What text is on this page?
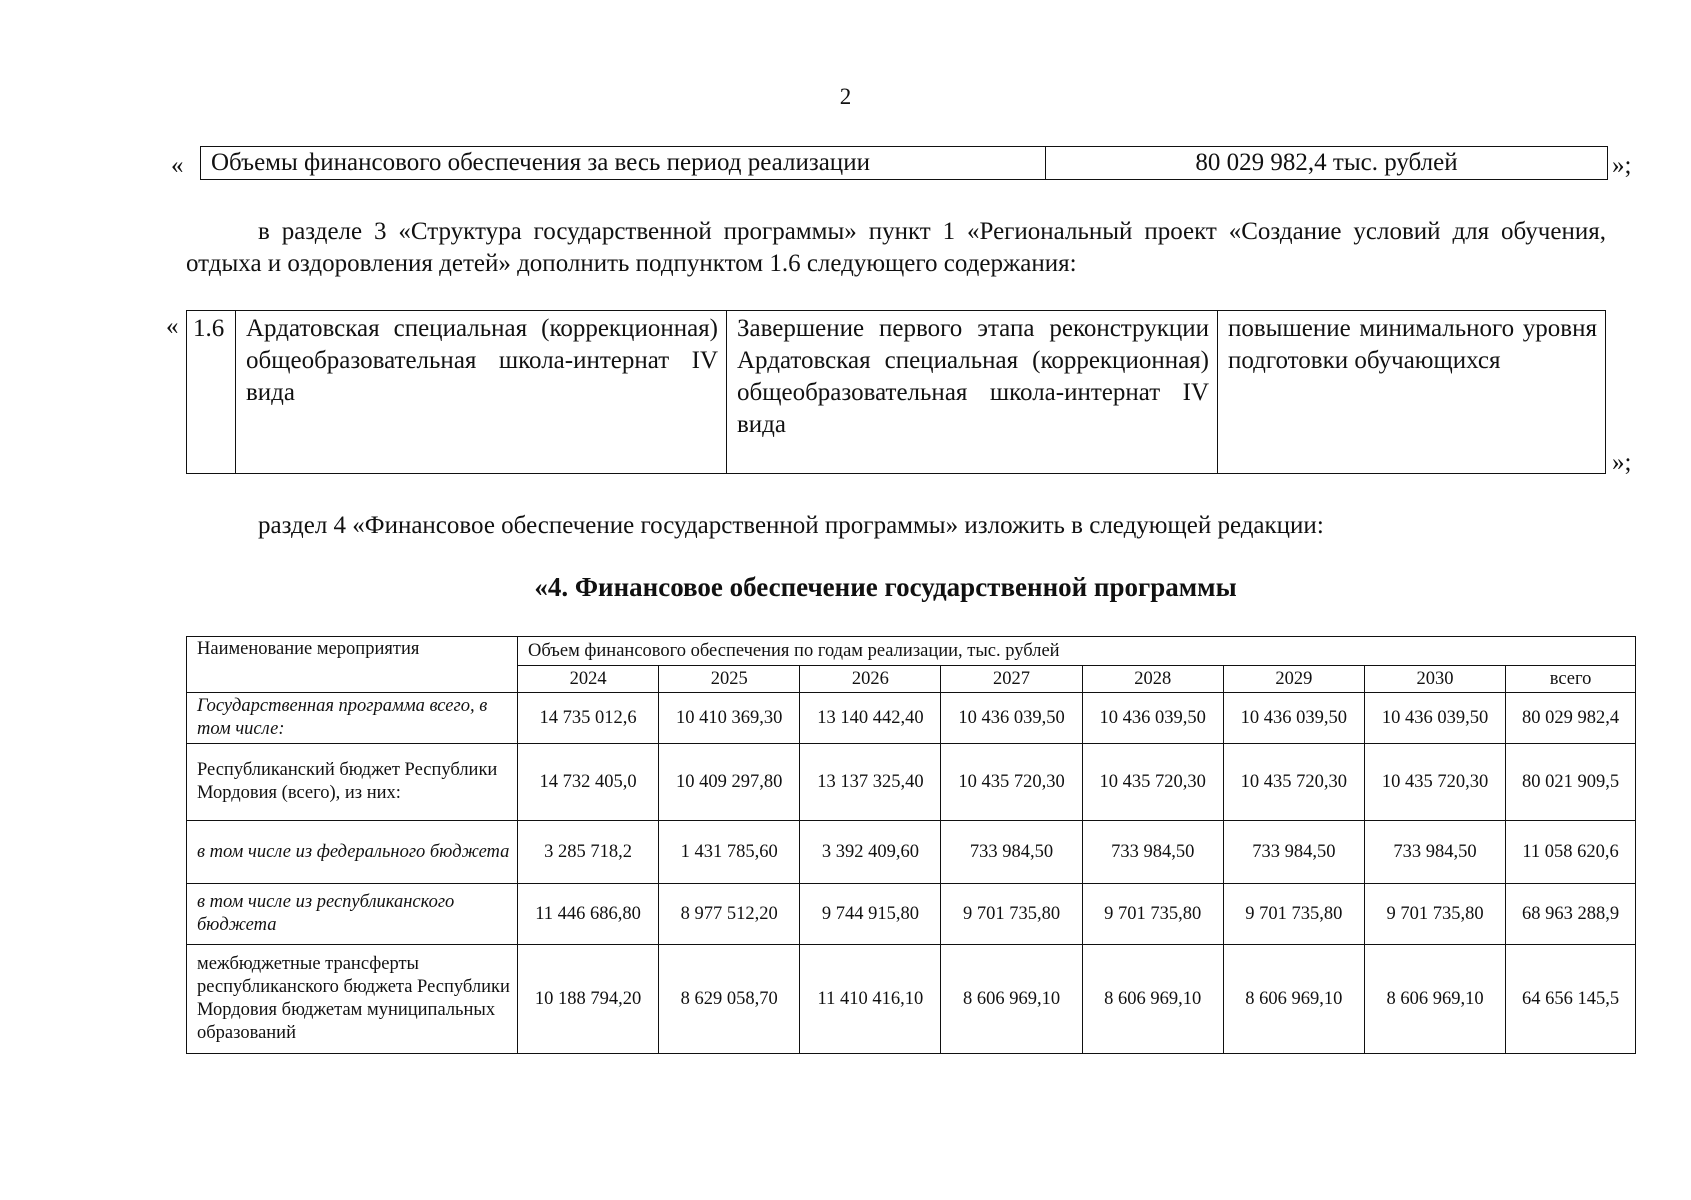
2
« Объемы финансового обеспечения за весь период реализации	80 029 982,4 тыс. рублей	»;
в разделе 3 «Структура государственной программы» пункт 1 «Региональный проект «Создание условий для обучения, отдыха и оздоровления детей» дополнить подпунктом 1.6 следующего содержания:
« 1.6	Ардатовская специальная (коррекционная) общеобразовательная школа-интернат IV вида	Завершение первого этапа реконструкции Ардатовская специальная (коррекционная) общеобразовательная школа-интернат IV вида	повышение минимального уровня подготовки обучающихся
»;
раздел 4 «Финансовое обеспечение государственной программы» изложить в следующей редакции:
«4. Финансовое обеспечение государственной программы
Наименование мероприятия	Объем финансового обеспечения по годам реализации, тыс. рублей							
	2024	2025	2026	2027	2028	2029	2030	всего
Государственная программа всего, в том числе:	14 735 012,6	10 410 369,30	13 140 442,40	10 436 039,50	10 436 039,50	10 436 039,50	10 436 039,50	80 029 982,4
Республиканский бюджет Республики Мордовия (всего), из них:	14 732 405,0	10 409 297,80	13 137 325,40	10 435 720,30	10 435 720,30	10 435 720,30	10 435 720,30	80 021 909,5
в том числе из федерального бюджета	3 285 718,2	1 431 785,60	3 392 409,60	733 984,50	733 984,50	733 984,50	733 984,50	11 058 620,6
в том числе из республиканского бюджета	11 446 686,80	8 977 512,20	9 744 915,80	9 701 735,80	9 701 735,80	9 701 735,80	9 701 735,80	68 963 288,9
межбюджетные трансферты республиканского бюджета Республики Мордовия бюджетам муниципальных образований	10 188 794,20	8 629 058,70	11 410 416,10	8 606 969,10	8 606 969,10	8 606 969,10	8 606 969,10	64 656 145,5
